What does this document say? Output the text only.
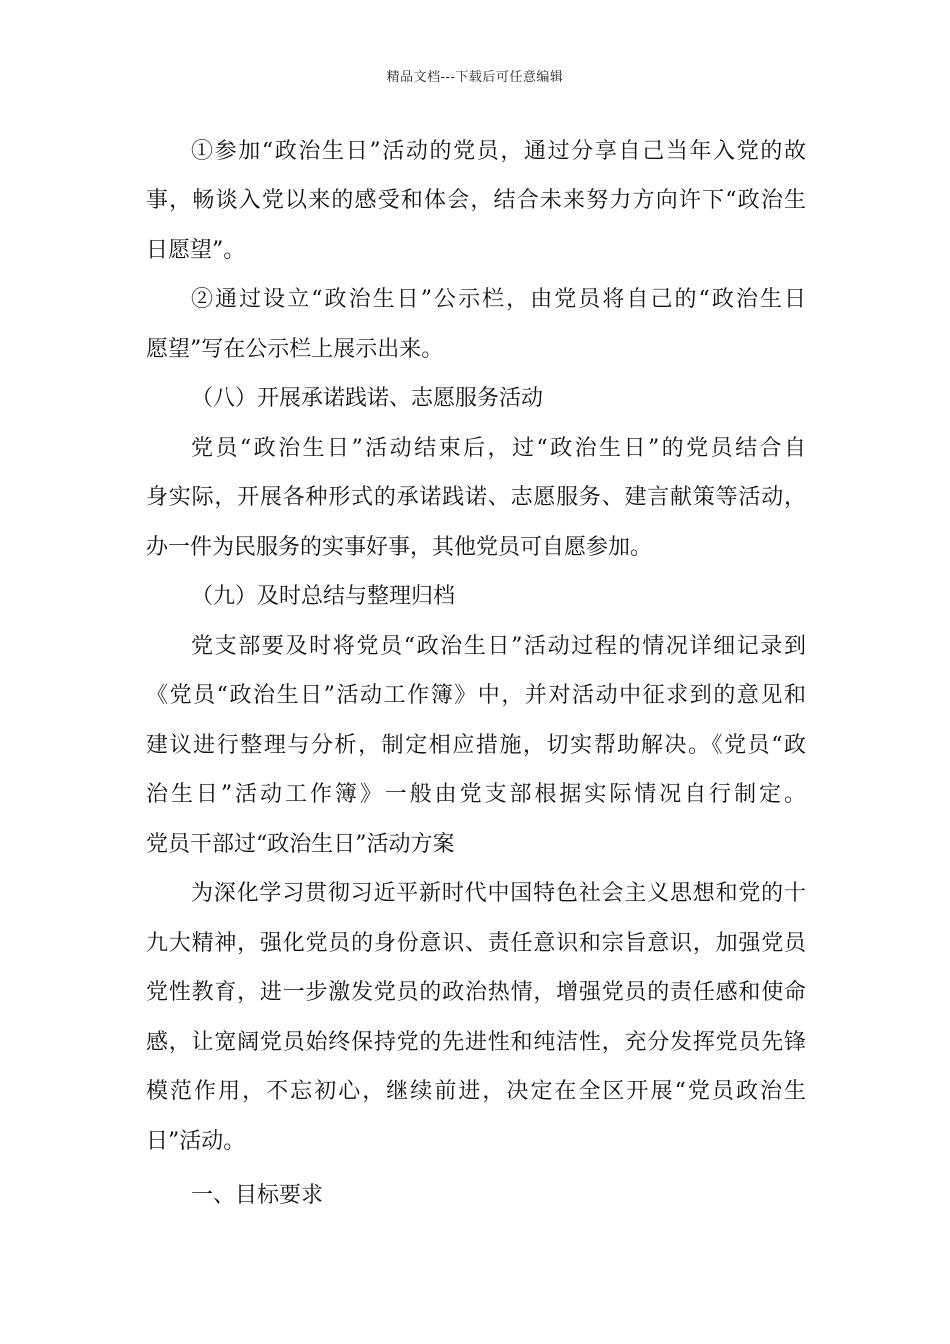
精品文档---下载后可任意编辑
①参加“政治生日”活动的党员，通过分享自己当年入党的故
事，畅谈入党以来的感受和体会，结合未来努力方向许下“政治生
日愿望”。
②通过设立“政治生日”公示栏，由党员将自己的“政治生日
愿望”写在公示栏上展示出来。
（八）开展承诺践诺、志愿服务活动
党员“政治生日”活动结束后，过“政治生日”的党员结合自
身实际，开展各种形式的承诺践诺、志愿服务、建言献策等活动，
办一件为民服务的实事好事，其他党员可自愿参加。
（九）及时总结与整理归档
党支部要及时将党员“政治生日”活动过程的情况详细记录到
《党员“政治生日”活动工作簿》中，并对活动中征求到的意见和
建议进行整理与分析，制定相应措施，切实帮助解决。《党员“政
治生日”活动工作簿》一般由党支部根据实际情况自行制定。
党员干部过“政治生日”活动方案
为深化学习贯彻习近平新时代中国特色社会主义思想和党的十
九大精神，强化党员的身份意识、责任意识和宗旨意识，加强党员
党性教育，进一步激发党员的政治热情，增强党员的责任感和使命
感，让宽阔党员始终保持党的先进性和纯洁性，充分发挥党员先锋
模范作用，不忘初心，继续前进，决定在全区开展“党员政治生
日”活动。
一、目标要求
